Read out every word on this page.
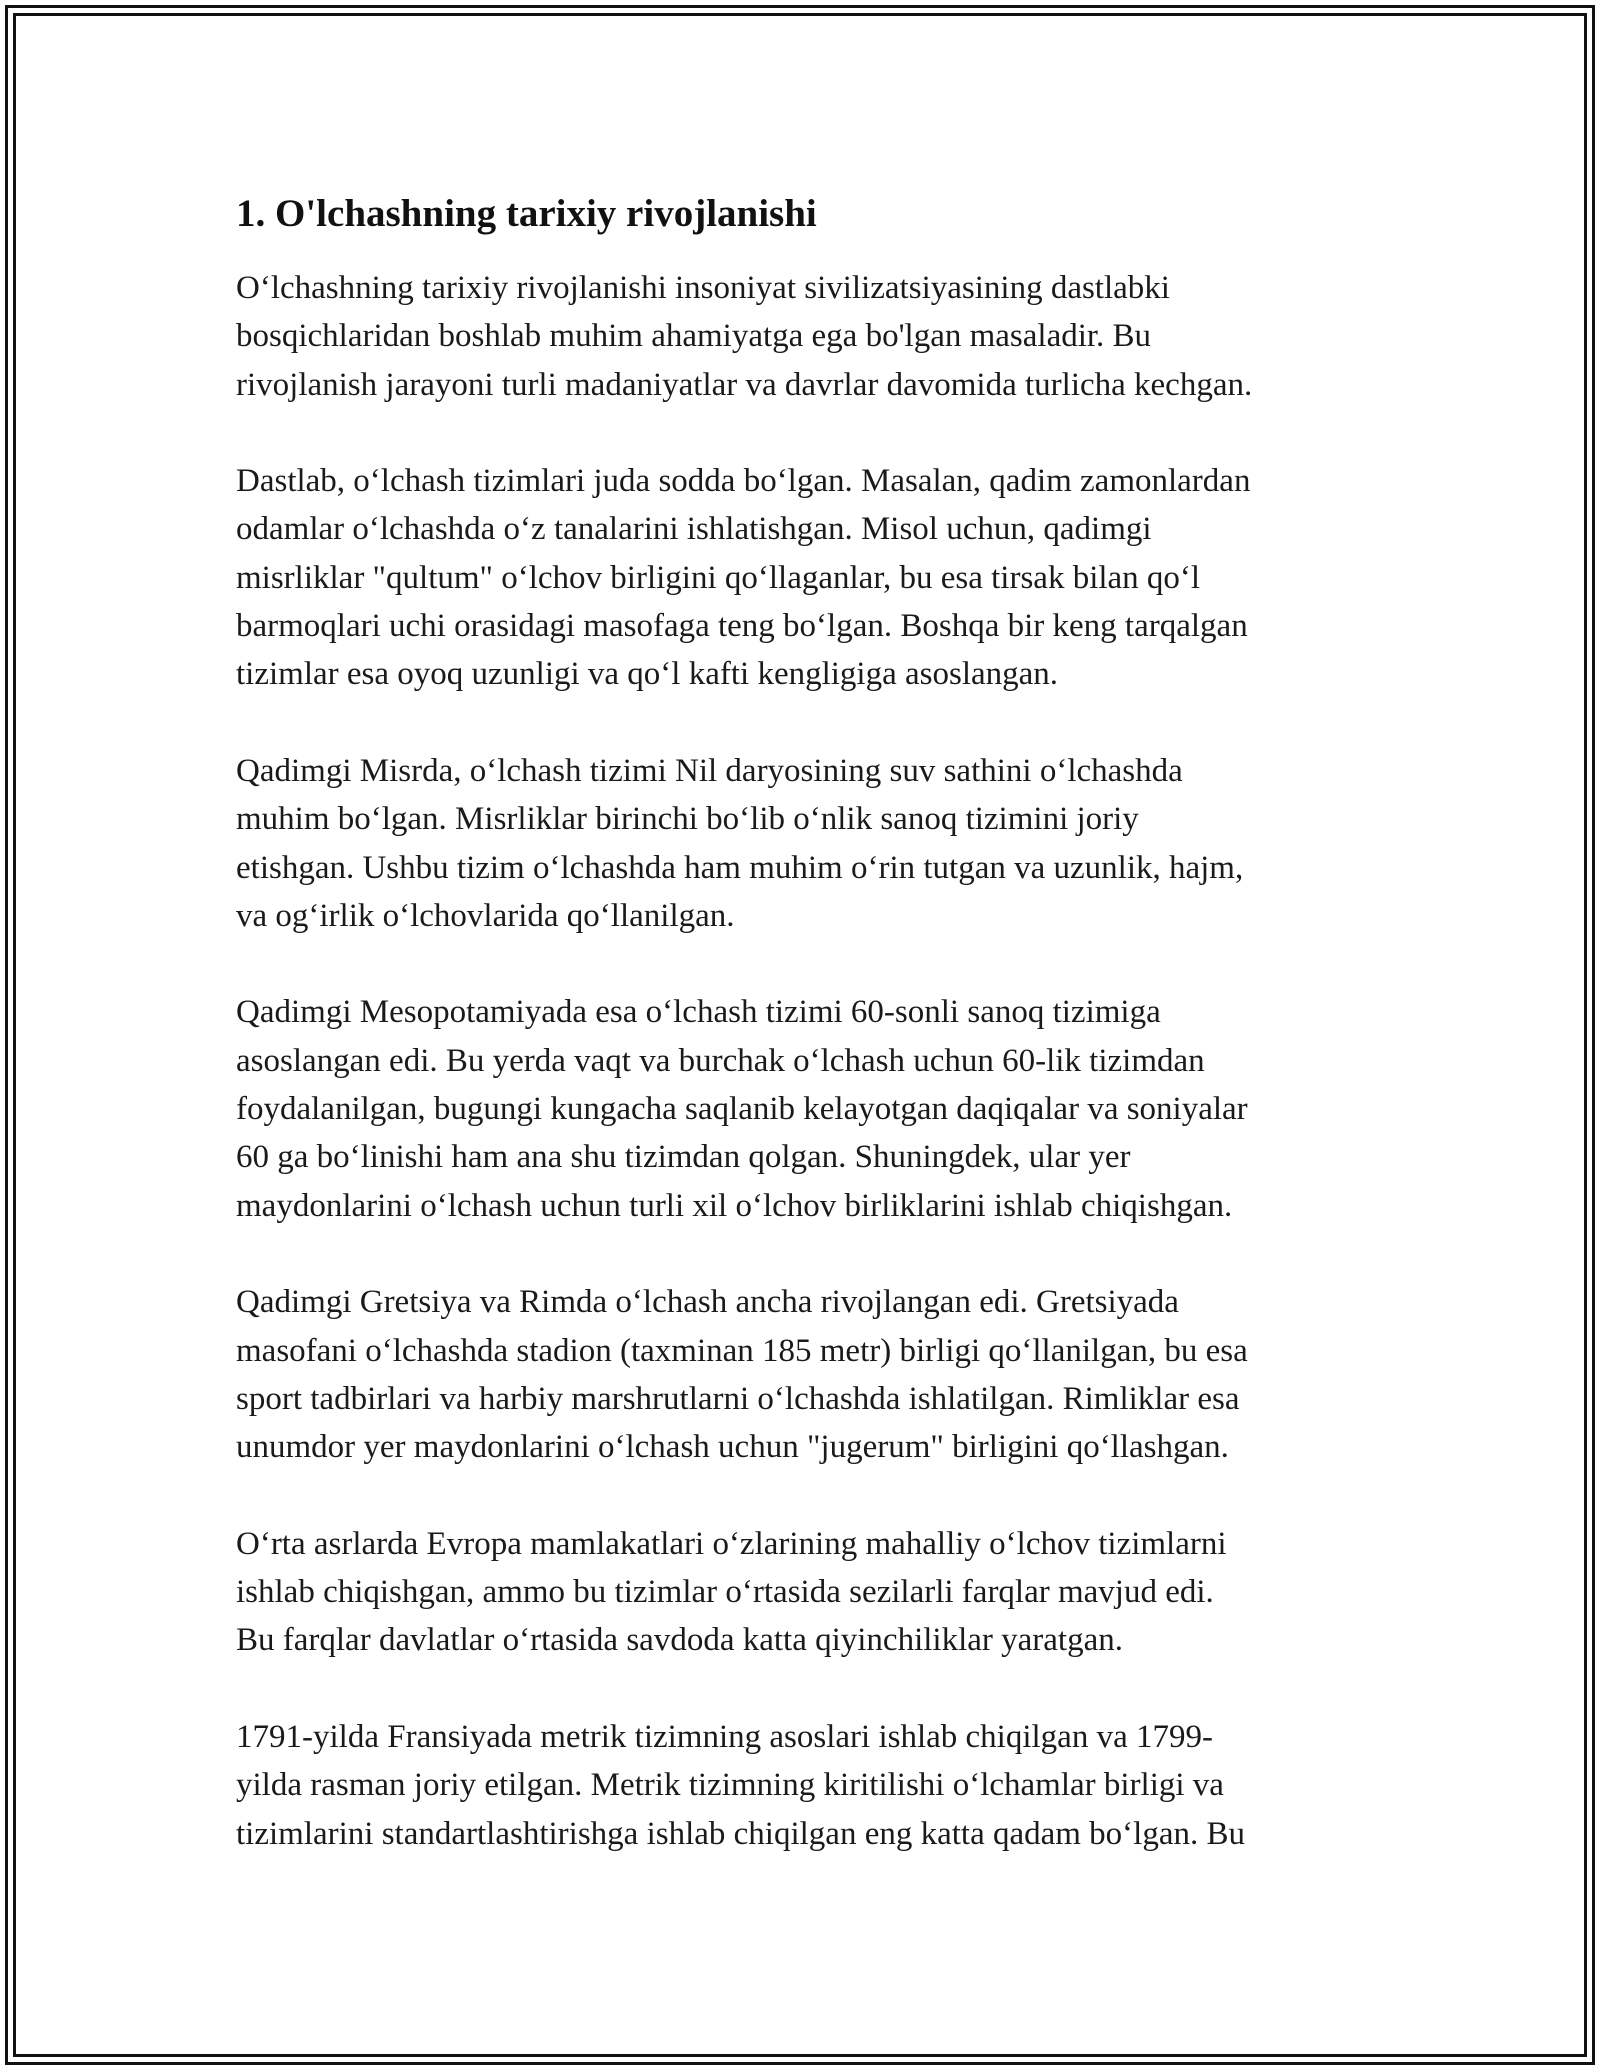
1. O'lchashning tarixiy rivojlanishi
O‘lchashning tarixiy rivojlanishi insoniyat sivilizatsiyasining dastlabki
bosqichlaridan boshlab muhim ahamiyatga ega bo'lgan masaladir. Bu
rivojlanish jarayoni turli madaniyatlar va davrlar davomida turlicha kechgan.
Dastlab, o‘lchash tizimlari juda sodda bo‘lgan. Masalan, qadim zamonlardan
odamlar o‘lchashda o‘z tanalarini ishlatishgan. Misol uchun, qadimgi
misrliklar "qultum" o‘lchov birligini qo‘llaganlar, bu esa tirsak bilan qo‘l
barmoqlari uchi orasidagi masofaga teng bo‘lgan. Boshqa bir keng tarqalgan
tizimlar esa oyoq uzunligi va qo‘l kafti kengligiga asoslangan.
Qadimgi Misrda, o‘lchash tizimi Nil daryosining suv sathini o‘lchashda
muhim bo‘lgan. Misrliklar birinchi bo‘lib o‘nlik sanoq tizimini joriy
etishgan. Ushbu tizim o‘lchashda ham muhim o‘rin tutgan va uzunlik, hajm,
va og‘irlik o‘lchovlarida qo‘llanilgan.
Qadimgi Mesopotamiyada esa o‘lchash tizimi 60-sonli sanoq tizimiga
asoslangan edi. Bu yerda vaqt va burchak o‘lchash uchun 60-lik tizimdan
foydalanilgan, bugungi kungacha saqlanib kelayotgan daqiqalar va soniyalar
60 ga bo‘linishi ham ana shu tizimdan qolgan. Shuningdek, ular yer
maydonlarini o‘lchash uchun turli xil o‘lchov birliklarini ishlab chiqishgan.
Qadimgi Gretsiya va Rimda o‘lchash ancha rivojlangan edi. Gretsiyada
masofani o‘lchashda stadion (taxminan 185 metr) birligi qo‘llanilgan, bu esa
sport tadbirlari va harbiy marshrutlarni o‘lchashda ishlatilgan. Rimliklar esa
unumdor yer maydonlarini o‘lchash uchun "jugerum" birligini qo‘llashgan.
O‘rta asrlarda Evropa mamlakatlari o‘zlarining mahalliy o‘lchov tizimlarni
ishlab chiqishgan, ammo bu tizimlar o‘rtasida sezilarli farqlar mavjud edi.
Bu farqlar davlatlar o‘rtasida savdoda katta qiyinchiliklar yaratgan.
1791-yilda Fransiyada metrik tizimning asoslari ishlab chiqilgan va 1799-
yilda rasman joriy etilgan. Metrik tizimning kiritilishi o‘lchamlar birligi va
tizimlarini standartlashtirishga ishlab chiqilgan eng katta qadam bo‘lgan. Bu
